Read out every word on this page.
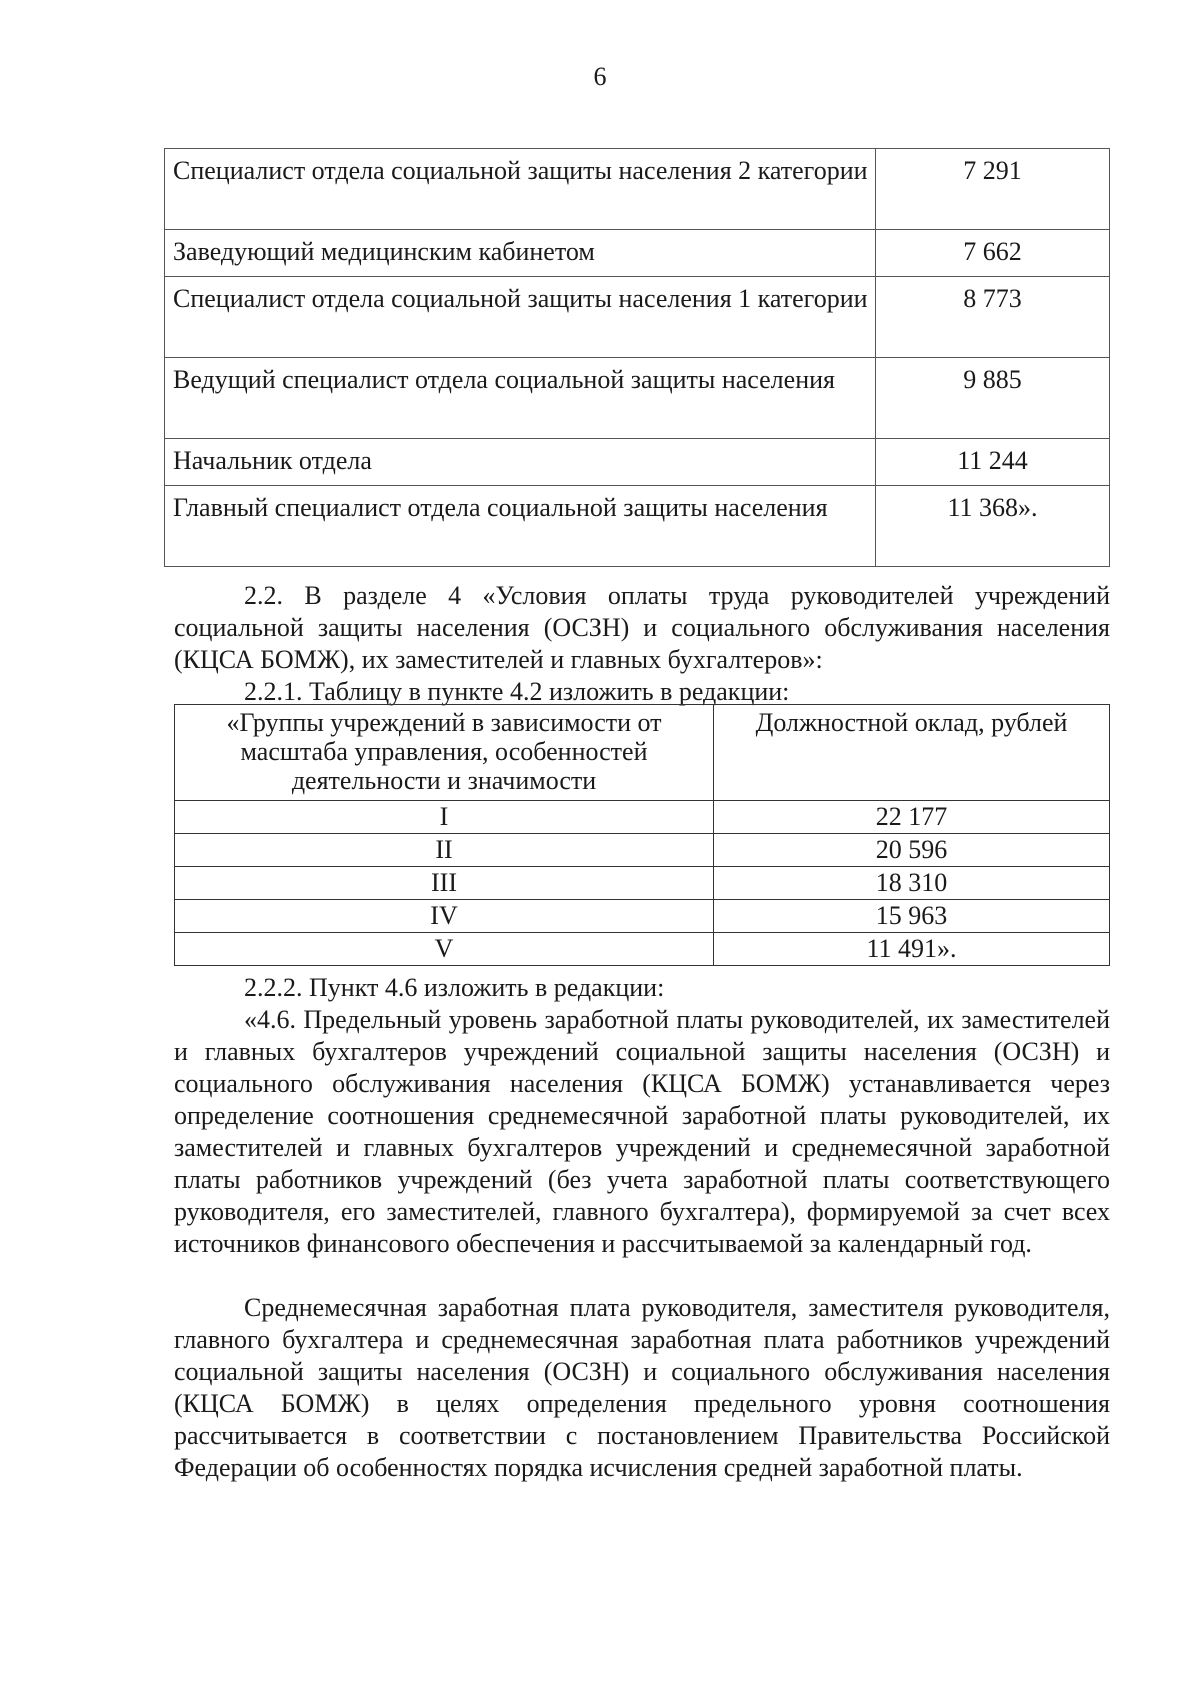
6
Специалист отдела социальной защиты населения 2 категории	7 291
Заведующий медицинским кабинетом	7 662
Специалист отдела социальной защиты населения 1 категории	8 773
Ведущий специалист отдела социальной защиты населения	9 885
Начальник отдела	11 244
Главный специалист отдела социальной защиты населения	11 368».

2.2. В разделе 4 «Условия оплаты труда руководителей учреждений социальной защиты населения (ОСЗН) и социального обслуживания населения (КЦСА БОМЖ), их заместителей и главных бухгалтеров»:

2.2.1. Таблицу в пункте 4.2 изложить в редакции:

«Группы учреждений в зависимости от масштаба управления, особенностей деятельности и значимости	Должностной оклад, рублей
I	22 177
II	20 596
III	18 310
IV	15 963
V	11 491».

2.2.2. Пункт 4.6 изложить в редакции:

«4.6. Предельный уровень заработной платы руководителей, их заместителей и главных бухгалтеров учреждений социальной защиты населения (ОСЗН) и социального обслуживания населения (КЦСА БОМЖ) устанавливается через определение соотношения среднемесячной заработной платы руководителей, их заместителей и главных бухгалтеров учреждений и среднемесячной заработной платы работников учреждений (без учета заработной платы соответствующего руководителя, его заместителей, главного бухгалтера), формируемой за счет всех источников финансового обеспечения и рассчитываемой за календарный год.

Среднемесячная заработная плата руководителя, заместителя руководителя, главного бухгалтера и среднемесячная заработная плата работников учреждений социальной защиты населения (ОСЗН) и социального обслуживания населения (КЦСА БОМЖ) в целях определения предельного уровня соотношения рассчитывается в соответствии с постановлением Правительства Российской Федерации об особенностях порядка исчисления средней заработной платы.
